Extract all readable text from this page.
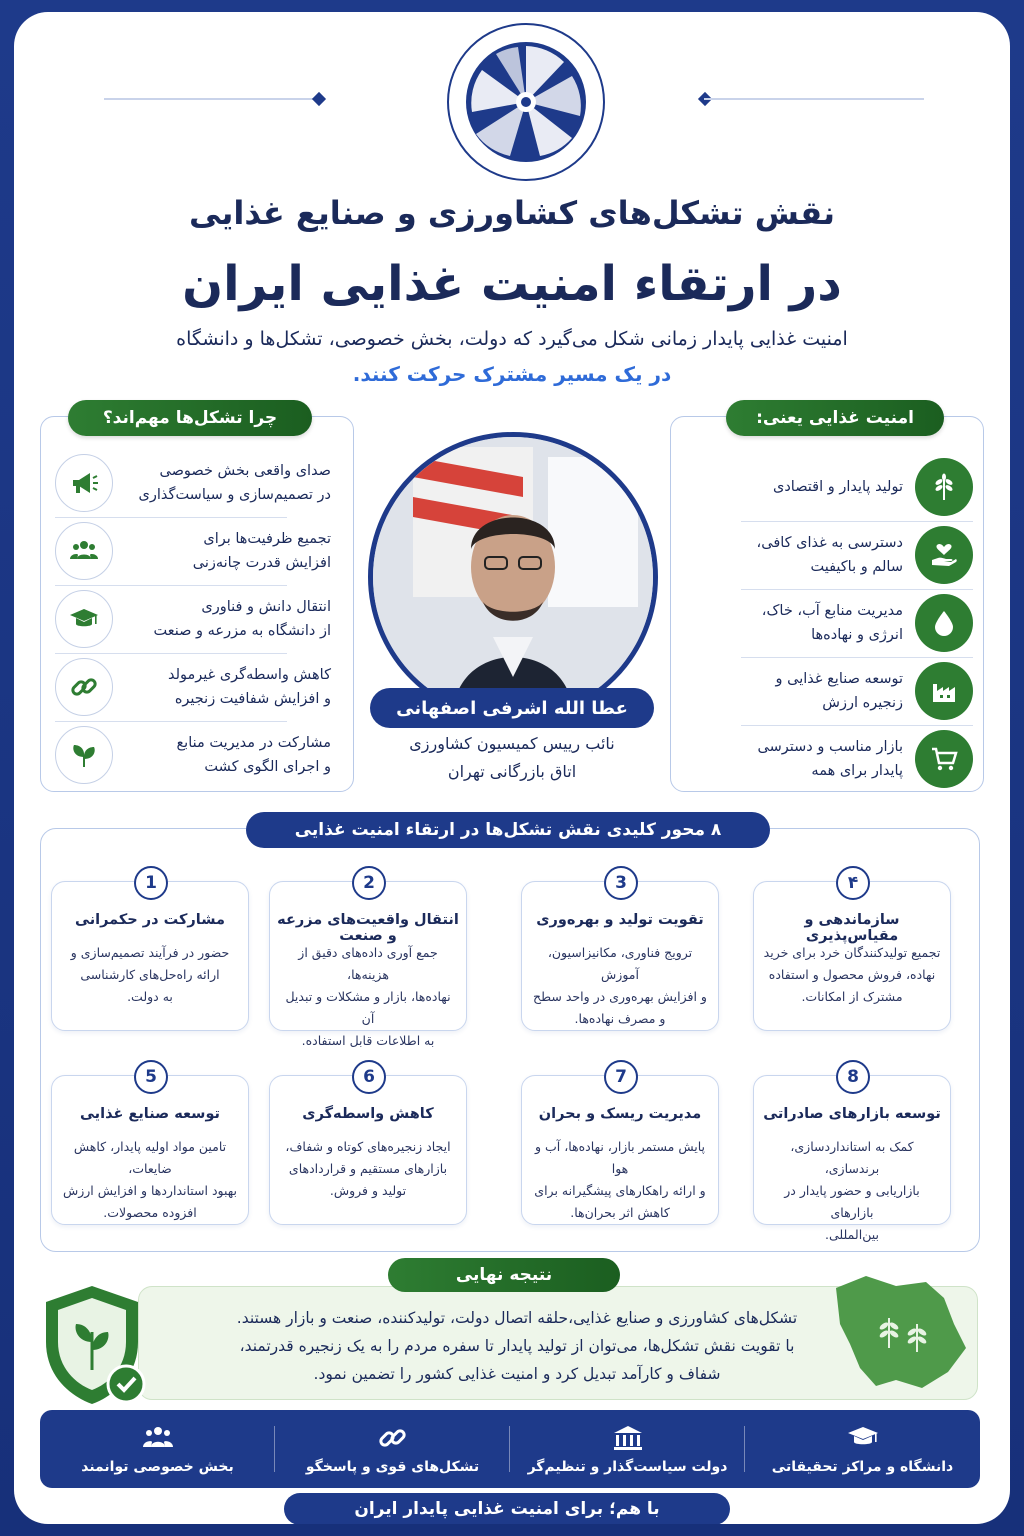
نقش تشکل‌های کشاورزی و صنایع غذایی
در ارتقاء امنیت غذایی ایران
امنیت غذایی پایدار زمانی شکل می‌گیرد که دولت، بخش خصوصی، تشکل‌ها و دانشگاه
در یک مسیر مشترک حرکت کنند.
تولید پایدار و اقتصادی
دسترسی به غذای کافی،
سالم و باکیفیت
مدیریت منابع آب، خاک،
انرژی و نهاده‌ها
توسعه صنایع غذایی و
زنجیره ارزش
بازار مناسب و دسترسی
پایدار برای همه
امنیت غذایی یعنی:
صدای واقعی بخش خصوصی
در تصمیم‌سازی و سیاست‌گذاری
تجمیع ظرفیت‌ها برای
افزایش قدرت چانه‌زنی
انتقال دانش و فناوری
از دانشگاه به مزرعه و صنعت
کاهش واسطه‌گری غیرمولد
و افزایش شفافیت زنجیره
مشارکت در مدیریت منابع
و اجرای الگوی کشت
چرا تشکل‌ها مهم‌اند؟
عطا الله اشرفی اصفهانی
نائب رییس کمیسیون کشاورزی
اتاق بازرگانی تهران
۴
سازماندهی و مقیاس‌پذیری
تجمیع تولیدکنندگان خرد برای خرید
نهاده، فروش محصول و استفاده
مشترک از امکانات.
3
تقویت تولید و بهره‌وری
ترویج فناوری، مکانیزاسیون، آموزش
و افزایش بهره‌وری در واحد سطح
و مصرف نهاده‌ها.
2
انتقال واقعیت‌های مزرعه و صنعت
جمع آوری داده‌های دقیق از هزینه‌ها،
نهاده‌ها، بازار و مشکلات و تبدیل آن
به اطلاعات قابل استفاده.
1
مشارکت در حکمرانی
حضور در فرآیند تصمیم‌سازی و
ارائه راه‌حل‌های کارشناسی
به دولت.
8
توسعه بازارهای صادراتی
کمک به استانداردسازی، برندسازی،
بازاریابی و حضور پایدار در بازارهای
بین‌المللی.
7
مدیریت ریسک و بحران
پایش مستمر بازار، نهاده‌ها، آب و هوا
و ارائه راهکارهای پیشگیرانه برای
کاهش اثر بحران‌ها.
6
کاهش واسطه‌گری
ایجاد زنجیره‌های کوتاه و شفاف،
بازارهای مستقیم و قراردادهای
تولید و فروش.
5
توسعه صنایع غذایی
تامین مواد اولیه پایدار، کاهش ضایعات،
بهبود استانداردها و افزایش ارزش
افزوده محصولات.
۸ محور کلیدی نقش تشکل‌ها در ارتقاء امنیت غذایی
تشکل‌های کشاورزی و صنایع غذایی،حلقه اتصال دولت، تولیدکننده، صنعت و بازار هستند.
با تقویت نقش تشکل‌ها، می‌توان از تولید پایدار تا سفره مردم را به یک زنجیره قدرتمند،
شفاف و کارآمد تبدیل کرد و امنیت غذایی کشور را تضمین نمود.
نتیجه نهایی
دانشگاه و مراکز تحقیقاتی
دولت سیاست‌گذار و تنظیم‌گر
تشکل‌های قوی و پاسخگو
بخش خصوصی توانمند
با هم؛ برای امنیت غذایی پایدار ایران
